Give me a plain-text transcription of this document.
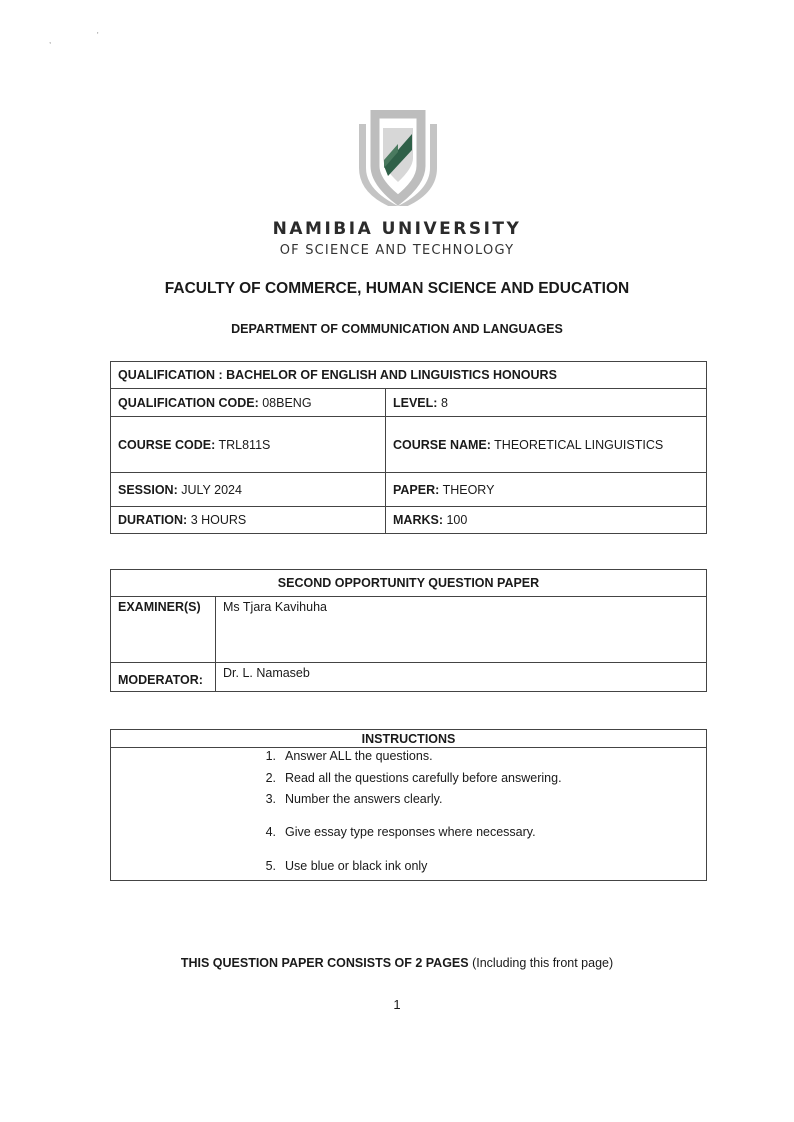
,
'
NAMIBIA UNIVERSITY
OF SCIENCE AND TECHNOLOGY
FACULTY OF COMMERCE, HUMAN SCIENCE AND EDUCATION
DEPARTMENT OF COMMUNICATION AND LANGUAGES
QUALIFICATION : BACHELOR OF ENGLISH AND LINGUISTICS HONOURS	
QUALIFICATION CODE: 08BENG	LEVEL: 8
COURSE CODE: TRL811S	COURSE NAME: THEORETICAL LINGUISTICS
SESSION: JULY 2024	PAPER: THEORY
DURATION: 3 HOURS	MARKS: 100
SECOND OPPORTUNITY QUESTION PAPER	
EXAMINER(S)	Ms Tjara Kavihuha
MODERATOR:	Dr. L. Namaseb
INSTRUCTIONS
1. Answer ALL the questions.
2. Read all the questions carefully before answering.
3. Number the answers clearly.
4. Give essay type responses where necessary.
5. Use blue or black ink only
THIS QUESTION PAPER CONSISTS OF 2 PAGES (Including this front page)
1
